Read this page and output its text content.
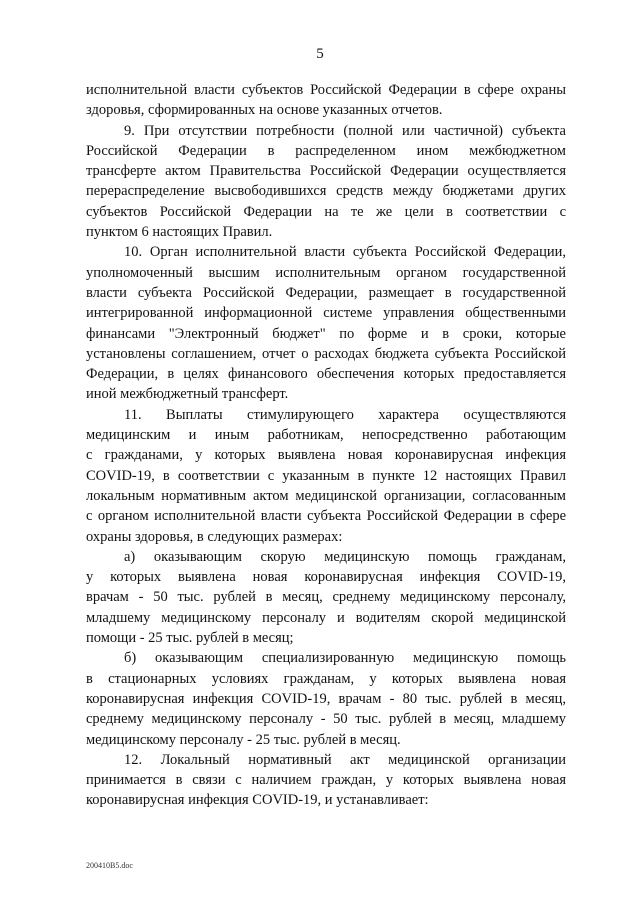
5

исполнительной власти субъектов Российской Федерации в сфере охраны
здоровья, сформированных на основе указанных отчетов.

9. При отсутствии потребности (полной или частичной) субъекта
Российской Федерации в распределенном ином межбюджетном
трансферте актом Правительства Российской Федерации осуществляется
перераспределение высвободившихся средств между бюджетами других
субъектов Российской Федерации на те же цели в соответствии с
пунктом 6 настоящих Правил.

10. Орган исполнительной власти субъекта Российской Федерации,
уполномоченный высшим исполнительным органом государственной
власти субъекта Российской Федерации, размещает в государственной
интегрированной информационной системе управления общественными
финансами "Электронный бюджет" по форме и в сроки, которые
установлены соглашением, отчет о расходах бюджета субъекта Российской
Федерации, в целях финансового обеспечения которых предоставляется
иной межбюджетный трансферт.

11. Выплаты стимулирующего характера осуществляются
медицинским и иным работникам, непосредственно работающим
с гражданами, у которых выявлена новая коронавирусная инфекция
COVID-19, в соответствии с указанным в пункте 12 настоящих Правил
локальным нормативным актом медицинской организации, согласованным
с органом исполнительной власти субъекта Российской Федерации в сфере
охраны здоровья, в следующих размерах:

а) оказывающим скорую медицинскую помощь гражданам,
у которых выявлена новая коронавирусная инфекция COVID-19,
врачам - 50 тыс. рублей в месяц, среднему медицинскому персоналу,
младшему медицинскому персоналу и водителям скорой медицинской
помощи - 25 тыс. рублей в месяц;

б) оказывающим специализированную медицинскую помощь
в стационарных условиях гражданам, у которых выявлена новая
коронавирусная инфекция COVID-19, врачам - 80 тыс. рублей в месяц,
среднему медицинскому персоналу - 50 тыс. рублей в месяц, младшему
медицинскому персоналу - 25 тыс. рублей в месяц.

12. Локальный нормативный акт медицинской организации
принимается в связи с наличием граждан, у которых выявлена новая
коронавирусная инфекция COVID-19, и устанавливает:

200410В5.doc
